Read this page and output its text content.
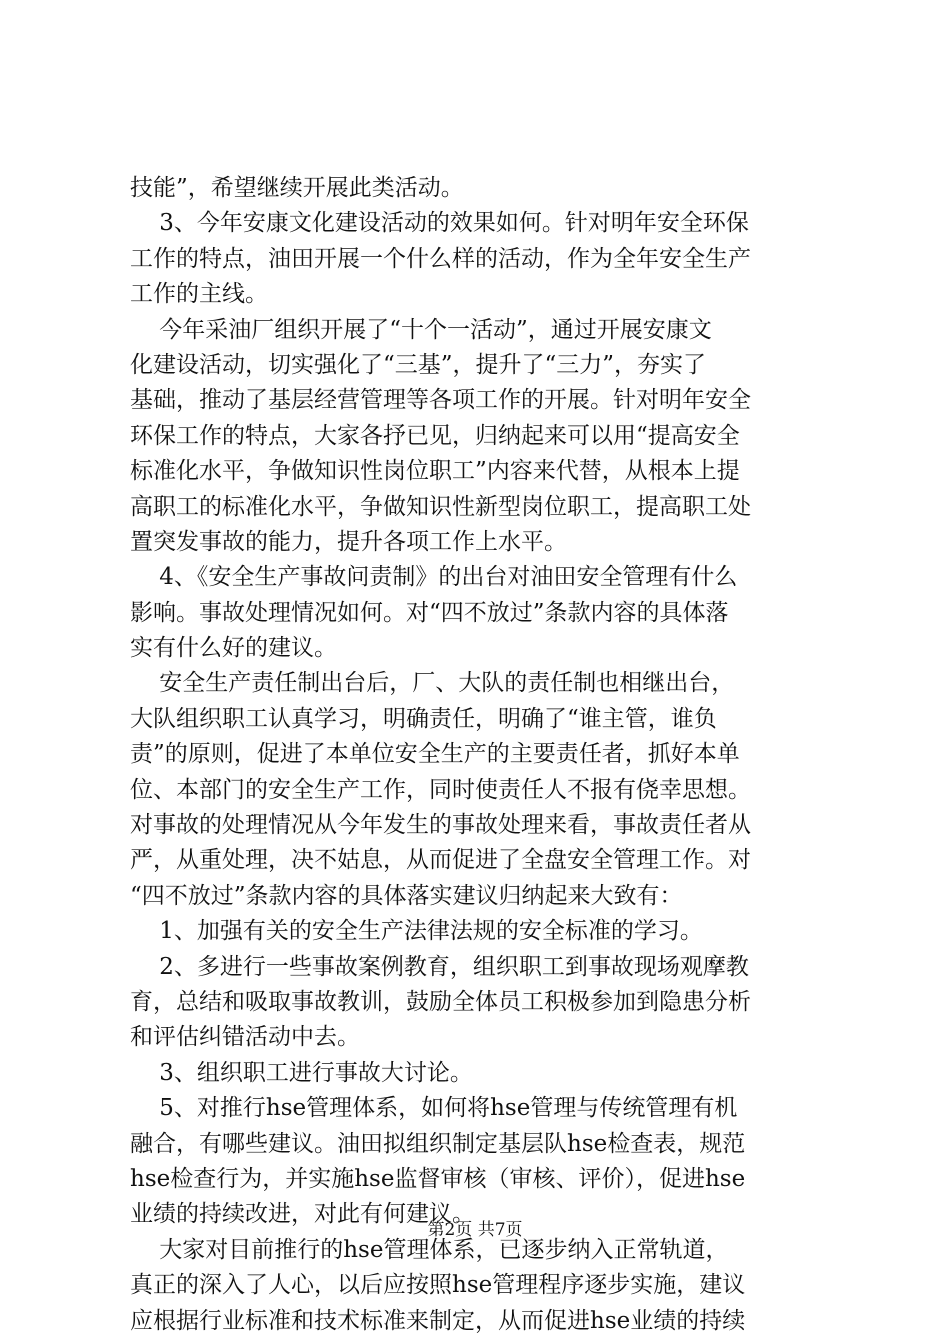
技能”，希望继续开展此类活动。
3、今年安康文化建设活动的效果如何。针对明年安全环保
工作的特点，油田开展一个什么样的活动，作为全年安全生产
工作的主线。
今年采油厂组织开展了“十个一活动”，通过开展安康文
化建设活动，切实强化了“三基”，提升了“三力”，夯实了
基础，推动了基层经营管理等各项工作的开展。针对明年安全
环保工作的特点，大家各抒已见，归纳起来可以用“提高安全
标准化水平，争做知识性岗位职工”内容来代替，从根本上提
高职工的标准化水平，争做知识性新型岗位职工，提高职工处
置突发事故的能力，提升各项工作上水平。
4、《安全生产事故问责制》的出台对油田安全管理有什么
影响。事故处理情况如何。对“四不放过”条款内容的具体落
实有什么好的建议。
安全生产责任制出台后，厂、大队的责任制也相继出台，
大队组织职工认真学习，明确责任，明确了“谁主管，谁负
责”的原则，促进了本单位安全生产的主要责任者，抓好本单
位、本部门的安全生产工作，同时使责任人不报有侥幸思想。
对事故的处理情况从今年发生的事故处理来看，事故责任者从
严，从重处理，决不姑息，从而促进了全盘安全管理工作。对
“四不放过”条款内容的具体落实建议归纳起来大致有：
1、加强有关的安全生产法律法规的安全标准的学习。
2、多进行一些事故案例教育，组织职工到事故现场观摩教
育，总结和吸取事故教训，鼓励全体员工积极参加到隐患分析
和评估纠错活动中去。
3、组织职工进行事故大讨论。
5、对推行hse管理体系，如何将hse管理与传统管理有机
融合，有哪些建议。油田拟组织制定基层队hse检查表，规范
hse检查行为，并实施hse监督审核（审核、评价），促进hse
业绩的持续改进，对此有何建议。
大家对目前推行的hse管理体系，已逐步纳入正常轨道，
真正的深入了人心，以后应按照hse管理程序逐步实施，建议
应根据行业标准和技术标准来制定，从而促进hse业绩的持续
第2页 共7页
